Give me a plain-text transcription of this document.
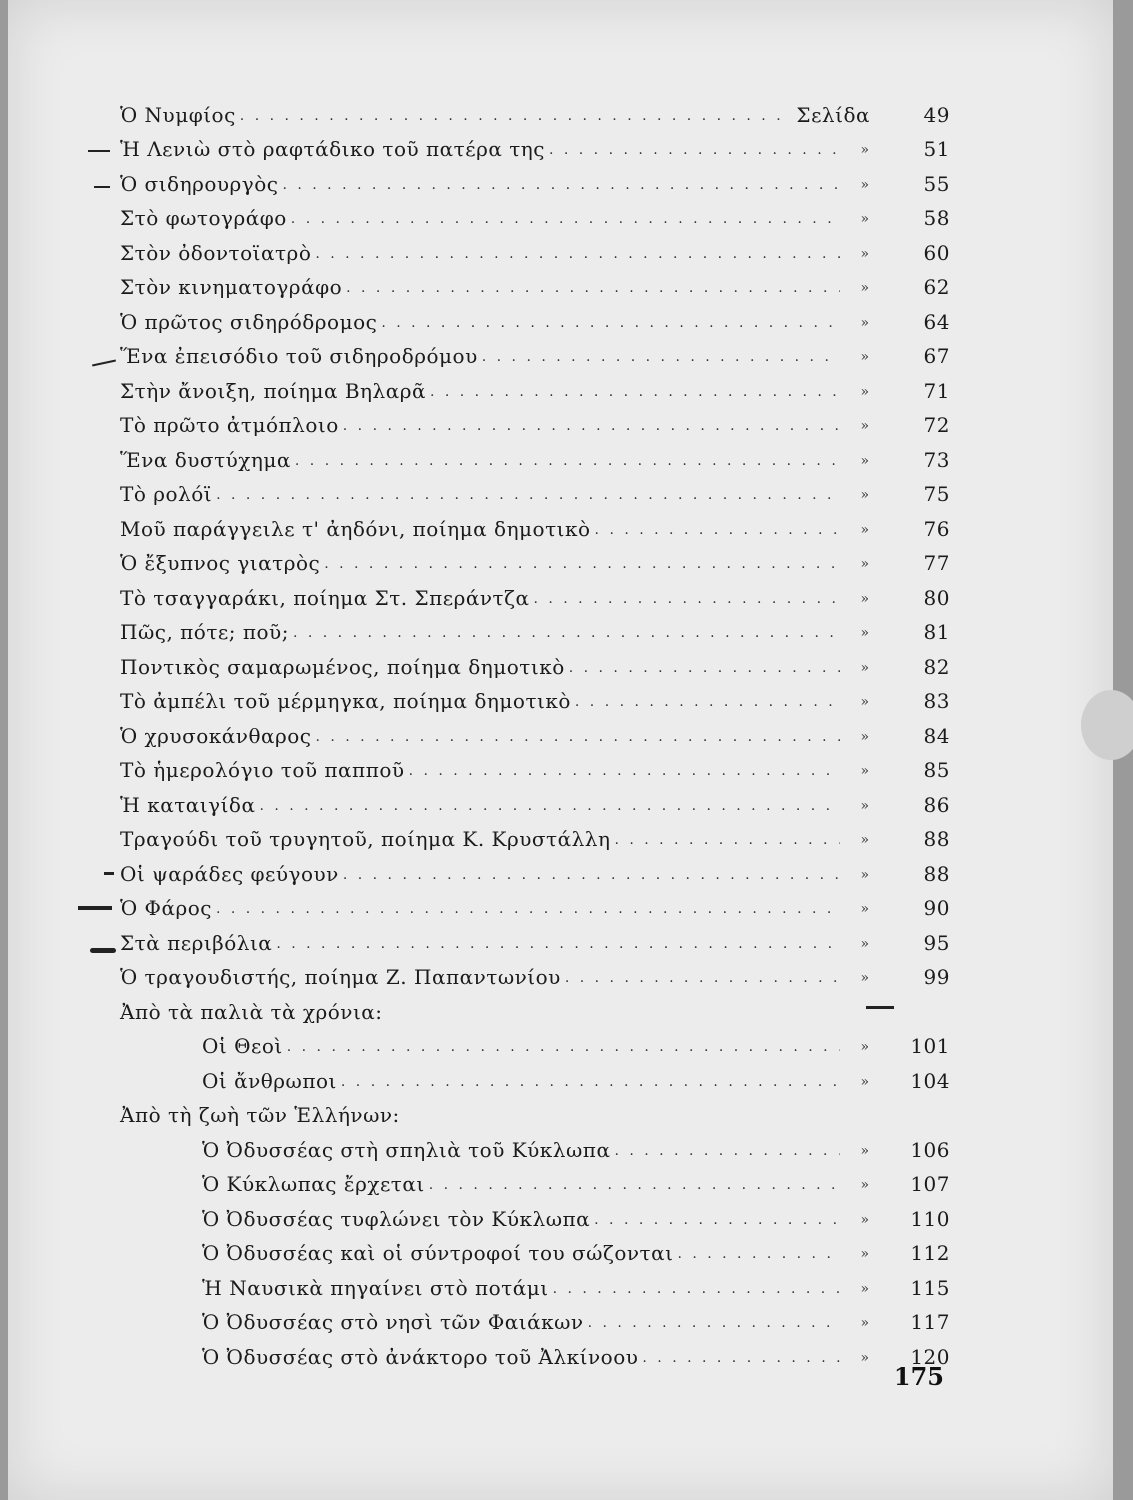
Ὁ Νυμφίος . . .	Σελίδα	49
Ἡ Λενιὼ στὸ ραφτάδικο τοῦ πατέρα της . . .	»	51
Ὁ σιδηρουργὸς . . .	»	55
Στὸ φωτογράφο . . .	»	58
Στὸν ὀδοντοϊατρὸ . . .	»	60
Στὸν κινηματογράφο . . .	»	62
Ὁ πρῶτος σιδηρόδρομος . . .	»	64
Ἕνα ἐπεισόδιο τοῦ σιδηροδρόμου . . .	»	67
Στὴν ἄνοιξη, ποίημα Βηλαρᾶ . . .	»	71
Τὸ πρῶτο ἀτμόπλοιο . . .	»	72
Ἕνα δυστύχημα . . .	»	73
Τὸ ρολόϊ . . .	»	75
Μοῦ παράγγειλε τ' ἀηδόνι, ποίημα δημοτικὸ . . .	»	76
Ὁ ἔξυπνος γιατρὸς . . .	»	77
Τὸ τσαγγαράκι, ποίημα Στ. Σπεράντζα . . .	»	80
Πῶς, πότε; ποῦ; . . .	»	81
Ποντικὸς σαμαρωμένος, ποίημα δημοτικὸ . . .	»	82
Τὸ ἀμπέλι τοῦ μέρμηγκα, ποίημα δημοτικὸ . . .	»	83
Ὁ χρυσοκάνθαρος . . .	»	84
Τὸ ἡμερολόγιο τοῦ παπποῦ . . .	»	85
Ἡ καταιγίδα . . .	»	86
Τραγούδι τοῦ τρυγητοῦ, ποίημα Κ. Κρυστάλλη . . .	»	88
Οἱ ψαράδες φεύγουν . . .	»	88
Ὁ Φάρος . . .	»	90
Στὰ περιβόλια . . .	»	95
Ὁ τραγουδιστής, ποίημα Ζ. Παπαντωνίου . . .	»	99
Ἀπὸ τὰ παλιὰ τὰ χρόνια:
Οἱ Θεοὶ . . .	»	101
Οἱ ἄνθρωποι . . .	»	104
Ἀπὸ τὴ ζωὴ τῶν Ἑλλήνων:
Ὁ Ὀδυσσέας στὴ σπηλιὰ τοῦ Κύκλωπα . . .	»	106
Ὁ Κύκλωπας ἔρχεται . . .	»	107
Ὁ Ὀδυσσέας τυφλώνει τὸν Κύκλωπα . . .	»	110
Ὁ Ὀδυσσέας καὶ οἱ σύντροφοί του σώζονται . . .	»	112
Ἡ Ναυσικὰ πηγαίνει στὸ ποτάμι . . .	»	115
Ὁ Ὀδυσσέας στὸ νησὶ τῶν Φαιάκων . . .	»	117
Ὁ Ὀδυσσέας στὸ ἀνάκτορο τοῦ Ἀλκίνοου . . .	»	120
175
